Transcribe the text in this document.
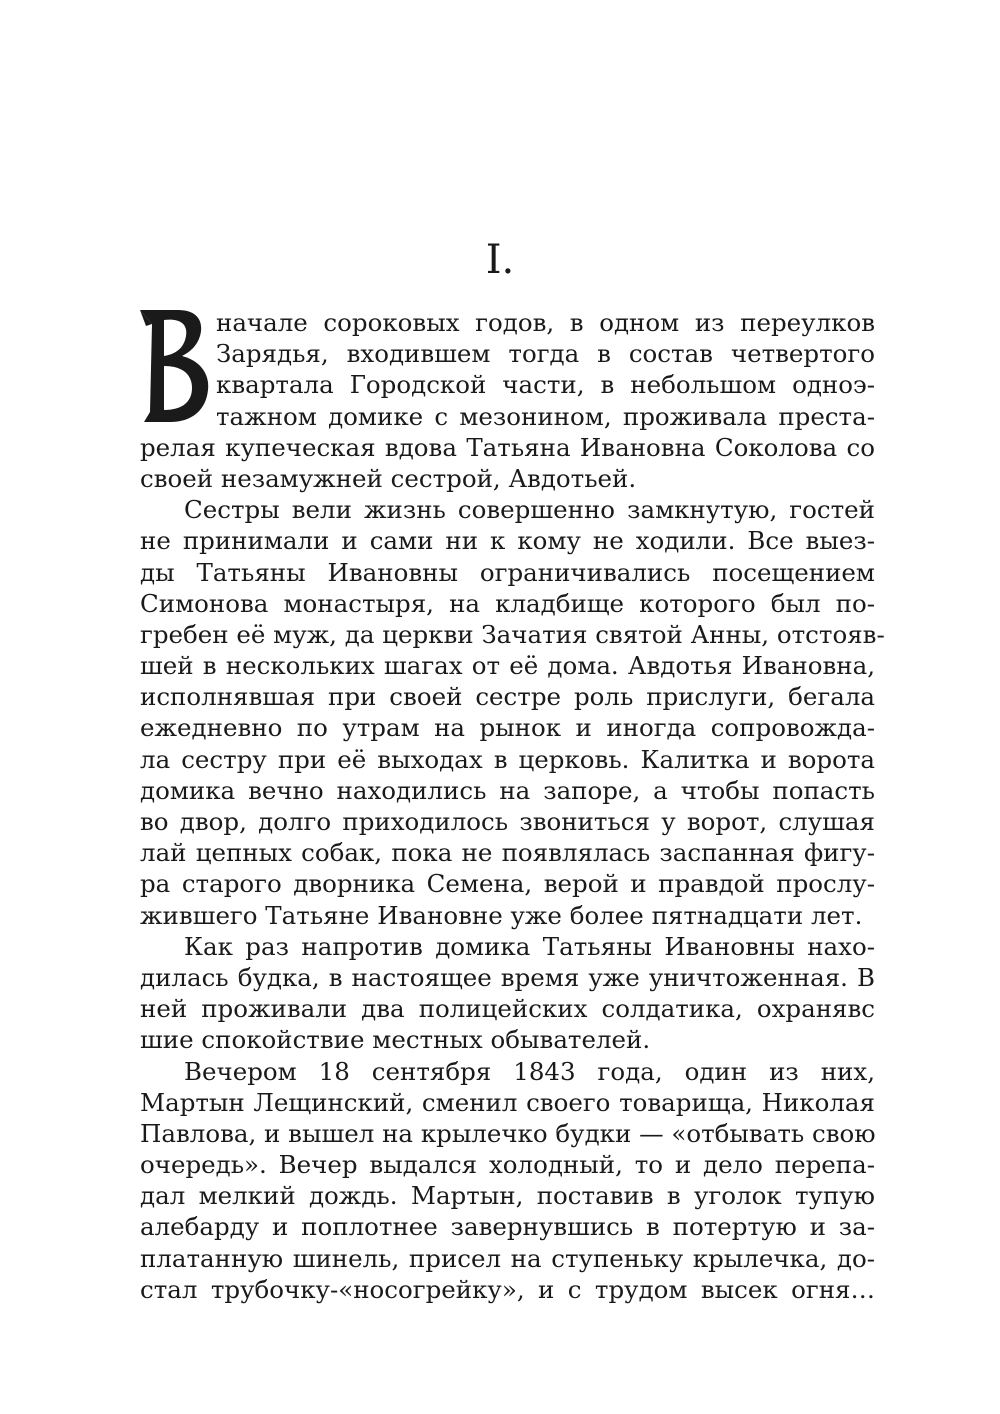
I.
начале сороковых годов, в одном из переулков
Зарядья, входившем тогда в состав четвертого
квартала Городской части, в небольшом одноэ-
тажном домике с мезонином, проживала преста-
релая купеческая вдова Татьяна Ивановна Соколова со
своей незамужней сестрой, Авдотьей.
Сестры вели жизнь совершенно замкнутую, гостей
не принимали и сами ни к кому не ходили. Все выез-
ды Татьяны Ивановны ограничивались посещением
Симонова монастыря, на кладбище которого был по-
гребен её муж, да церкви Зачатия святой Анны, отстояв-
шей в нескольких шагах от её дома. Авдотья Ивановна,
исполнявшая при своей сестре роль прислуги, бегала
ежедневно по утрам на рынок и иногда сопровожда-
ла сестру при её выходах в церковь. Калитка и ворота
домика вечно находились на запоре, а чтобы попасть
во двор, долго приходилось звониться у ворот, слушая
лай цепных собак, пока не появлялась заспанная фигу-
ра старого дворника Семена, верой и правдой прослу-
жившего Татьяне Ивановне уже более пятнадцати лет.
Как раз напротив домика Татьяны Ивановны нахо-
дилась будка, в настоящее время уже уничтоженная. В
ней проживали два полицейских солдатика, охранявс
шие спокойствие местных обывателей.
Вечером 18 сентября 1843 года, один из них,
Мартын Лещинский, сменил своего товарища, Николая
Павлова, и вышел на крылечко будки — «отбывать свою
очередь». Вечер выдался холодный, то и дело перепа-
дал мелкий дождь. Мартын, поставив в уголок тупую
алебарду и поплотнее завернувшись в потертую и за-
платанную шинель, присел на ступеньку крылечка, до-
стал трубочку-«носогрейку», и с трудом высек огня…
